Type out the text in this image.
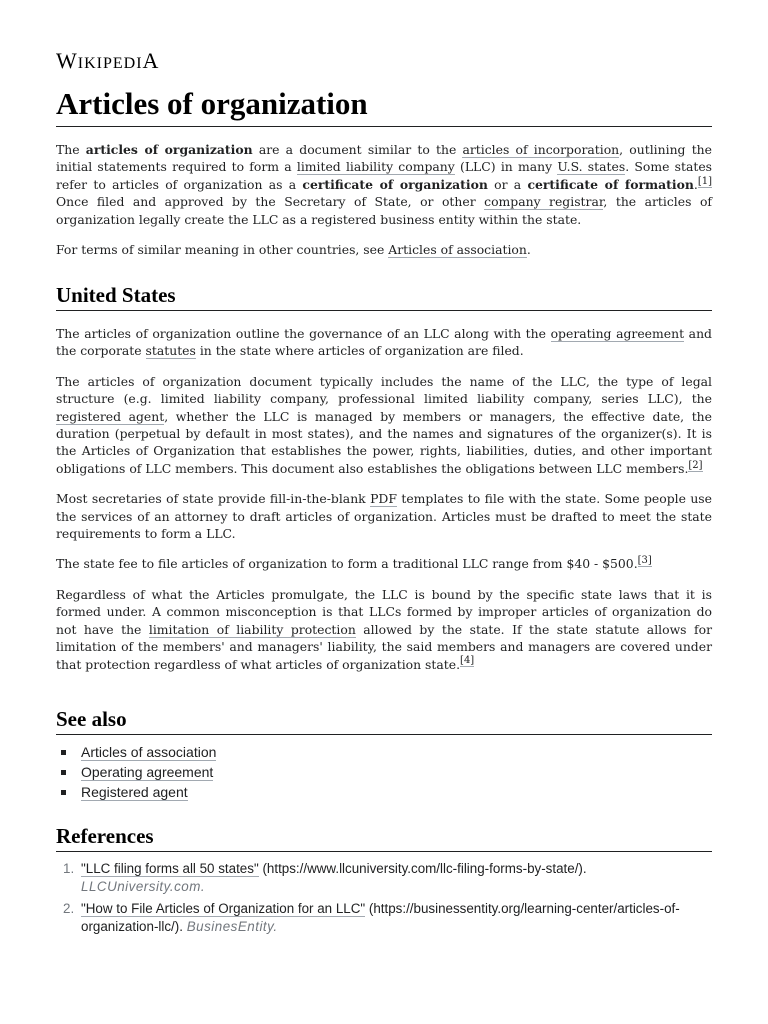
WIKIPEDIA
Articles of organization

The articles of organization are a document similar to the articles of incorporation, outlining the initial statements required to form a limited liability company (LLC) in many U.S. states. Some states refer to articles of organization as a certificate of organization or a certificate of formation.[1] Once filed and approved by the Secretary of State, or other company registrar, the articles of organization legally create the LLC as a registered business entity within the state.

For terms of similar meaning in other countries, see Articles of association.

United States

The articles of organization outline the governance of an LLC along with the operating agreement and the corporate statutes in the state where articles of organization are filed.

The articles of organization document typically includes the name of the LLC, the type of legal structure (e.g. limited liability company, professional limited liability company, series LLC), the registered agent, whether the LLC is managed by members or managers, the effective date, the duration (perpetual by default in most states), and the names and signatures of the organizer(s). It is the Articles of Organization that establishes the power, rights, liabilities, duties, and other important obligations of LLC members. This document also establishes the obligations between LLC members.[2]

Most secretaries of state provide fill-in-the-blank PDF templates to file with the state. Some people use the services of an attorney to draft articles of organization. Articles must be drafted to meet the state requirements to form a LLC.

The state fee to file articles of organization to form a traditional LLC range from $40 - $500.[3]

Regardless of what the Articles promulgate, the LLC is bound by the specific state laws that it is formed under. A common misconception is that LLCs formed by improper articles of organization do not have the limitation of liability protection allowed by the state. If the state statute allows for limitation of the members' and managers' liability, the said members and managers are covered under that protection regardless of what articles of organization state.[4]

See also
Articles of association
Operating agreement
Registered agent
References
1. "LLC filing forms all 50 states" (https://www.llcuniversity.com/llc-filing-forms-by-state/). LLCUniversity.com.
2. "How to File Articles of Organization for an LLC" (https://businessentity.org/learning-center/articles-of-organization-llc/). BusinesEntity.
